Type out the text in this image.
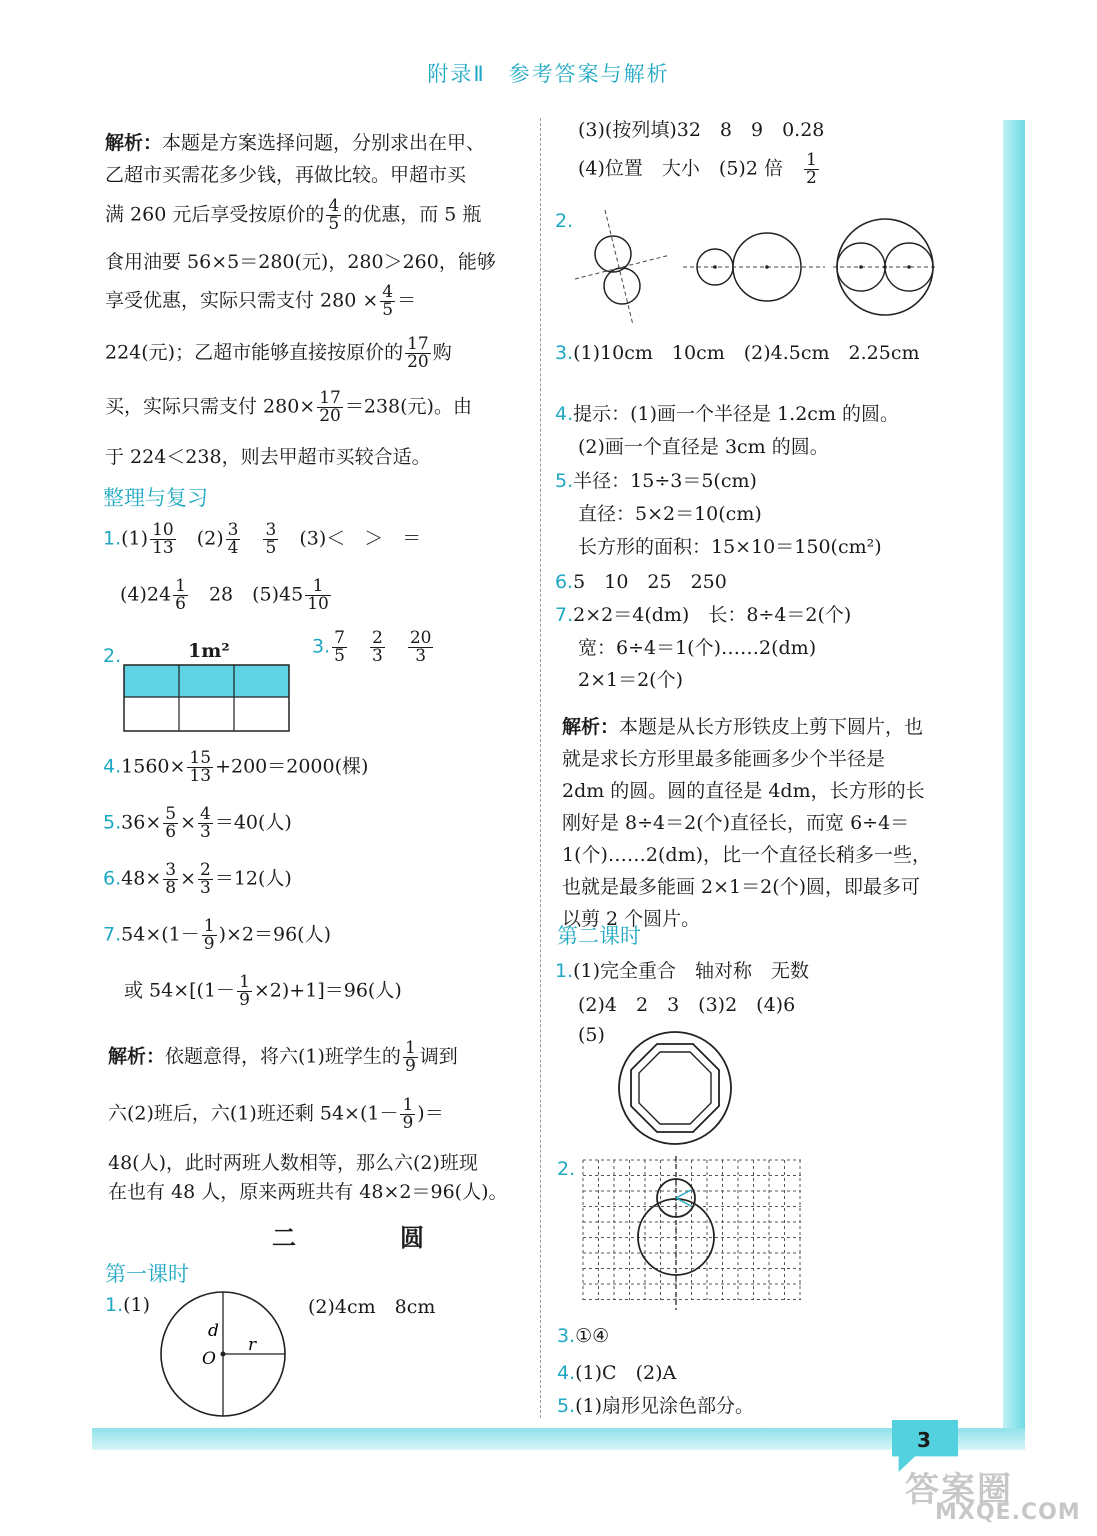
3
答案圈
MXQE.COM
附录Ⅱ　参考答案与解析
解析：本题是方案选择问题，分别求出在甲、
乙超市买需花多少钱，再做比较。甲超市买
满 260 元后享受按原价的 $\frac{4}{5}$ 的优惠，而 5 瓶
食用油要 56×5＝280(元)，280＞260，能够
享受优惠，实际只需支付 $280 \times \frac{4}{5}$ ＝
224(元)；乙超市能够直接按原价的 $\frac{17}{20}$ 购
买，实际只需支付 $280\times \frac{17}{20} =238$(元)。由
于 224＜238，则去甲超市买较合适。
整理与复习
$1.(1) \frac{10}{13}$
　 $(2) \frac{3}{4}$
　 $\frac{3}{5}$
　 (3)＜　＞　＝
$(4)24 \frac{1}{6}$
　 28　$(5)45 \frac{1}{10}$
2.	1m²	3. $\frac{7}{5}$
　 $\frac{2}{3}$
　 $\frac{20}{3}$
$4.1560\times \frac{15}{13} +200=2000$(棵)
$5.36\times \frac{5}{6} \times \frac{4}{3} =40$(人)
$6.48\times \frac{3}{8} \times \frac{2}{3} =12$(人)
$7.54\times(1- \frac{1}{9} )\times 2=96$(人)
或 $54\times[(1- \frac{1}{9} \times 2)+1]=96$(人)
解析：依题意得，将六(1)班学生的 $\frac{1}{9}$ 调到
六(2)班后，六(1)班还剩 $54\times(1- \frac{1}{9}$ )＝
48(人)，此时两班人数相等，那么六(2)班现
在也有 48 人，原来两班共有 48×2＝96(人)。
二　圆
第一课时
1.(1)	(2)4cm　8cm
d
O
r
(3)(按列填)32　8　9　0.28
(4)位置　大小　(5)2 倍　 $\frac{1}{2}$
2.
3.(1)10cm　10cm　(2)4.5cm　2.25cm
4.提示：(1)画一个半径是 1.2cm 的圆。
(2)画一个直径是 3cm 的圆。
5.半径：15÷3＝5(cm)
直径：5×2＝10(cm)
长方形的面积：15×10＝150(cm²)
6.5　10　25　250
7.2×2＝4(dm)　长：8÷4＝2(个)
宽：6÷4＝1(个)……2(dm)
2×1＝2(个)
解析：本题是从长方形铁皮上剪下圆片，也
就是求长方形里最多能画多少个半径是
2dm 的圆。圆的直径是 4dm，长方形的长
刚好是 8÷4＝2(个)直径长，而宽 6÷4＝
1(个)……2(dm)，比一个直径长稍多一些，
也就是最多能画 2×1＝2(个)圆，即最多可
以剪 2 个圆片。
第二课时
1.(1)完全重合　轴对称　无数
(2)4　2　3　(3)2　(4)6
(5)
2.
3.①④
4.(1)C　(2)A
5.(1)扇形见涂色部分。
